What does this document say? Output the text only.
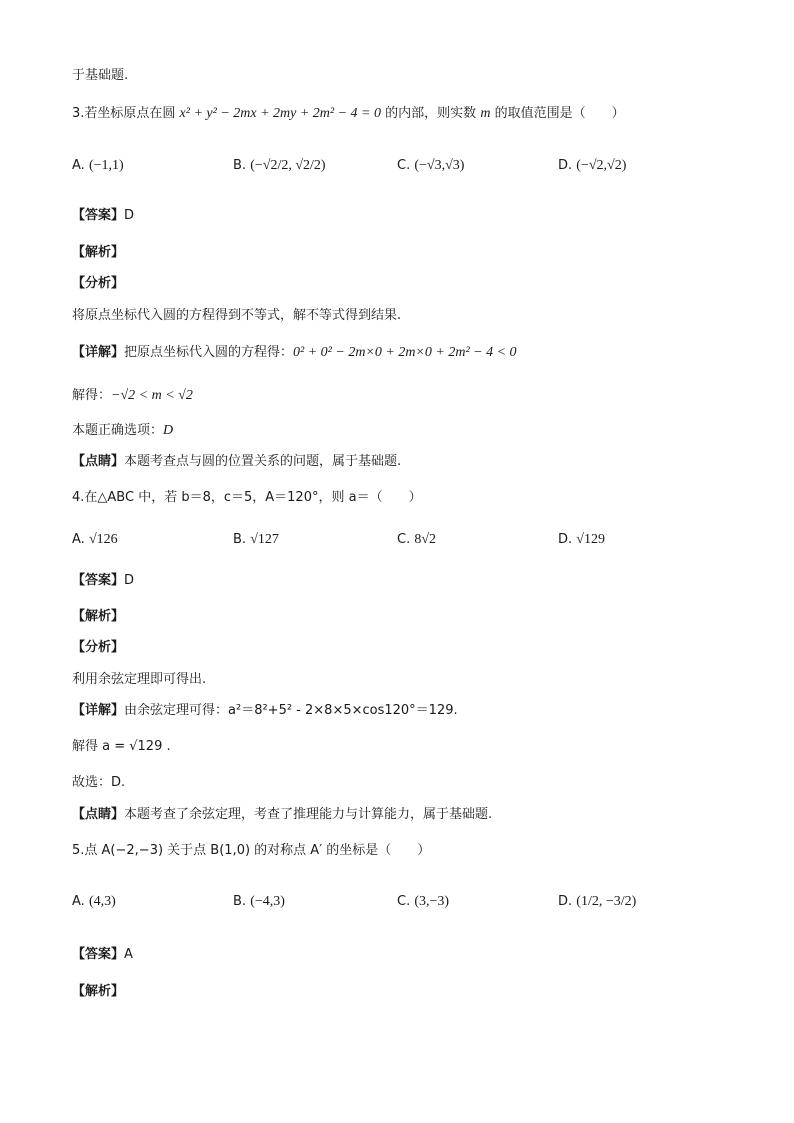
于基础题.
3.若坐标原点在圆 x² + y² − 2mx + 2my + 2m² − 4 = 0 的内部，则实数 m 的取值范围是（　　）
A. (−1,1)	B. (−√2/2, √2/2)	C. (−√3,√3)	D. (−√2,√2)
【答案】D
【解析】
【分析】
将原点坐标代入圆的方程得到不等式，解不等式得到结果.
【详解】把原点坐标代入圆的方程得：0² + 0² − 2m×0 + 2m×0 + 2m² − 4 < 0
解得：−√2 < m < √2
本题正确选项：D
【点睛】本题考查点与圆的位置关系的问题，属于基础题.
4.在△ABC 中，若 b＝8，c＝5，A＝120°，则 a＝（　　）
A. √126	B. √127	C. 8√2	D. √129
【答案】D
【解析】
【分析】
利用余弦定理即可得出.
【详解】由余弦定理可得：a²＝8²+5² - 2×8×5×cos120°＝129.
解得 a = √129 .
故选：D.
【点睛】本题考查了余弦定理，考查了推理能力与计算能力，属于基础题.
5.点 A(−2,−3) 关于点 B(1,0) 的对称点 A′ 的坐标是（　　）
A. (4,3)	B. (−4,3)	C. (3,−3)	D. (1/2, −3/2)
【答案】A
【解析】
